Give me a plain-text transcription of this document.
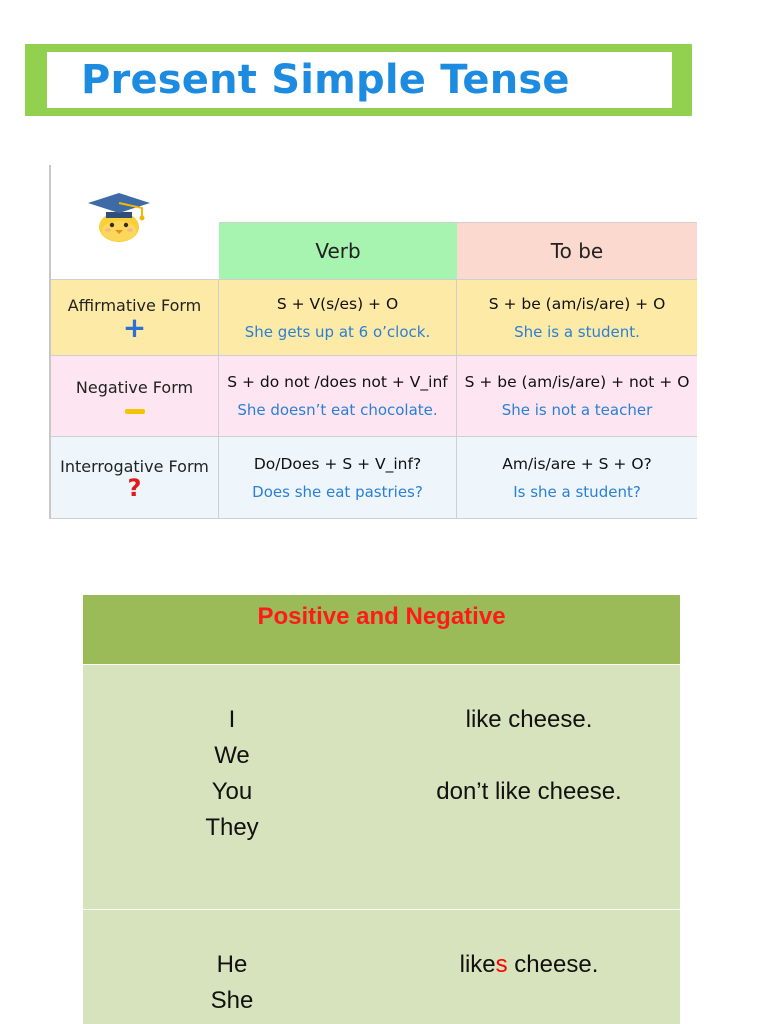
Present Simple Tense
Verb	To be
Affirmative Form
+
S + V(s/es) + O
She gets up at 6 o’clock.
S + be (am/is/are) + O
She is a student.
Negative Form S + do not /does not + V_inf
She doesn’t eat chocolate.
S + be (am/is/are) + not + O
She is not a teacher
Interrogative Form
?
Do/Does + S + V_inf?
Does she eat pastries?
Am/is/are + S + O?
Is she a student?
Positive and Negative
I
We
You
They
like cheese.
don’t like cheese.
He
She
likes cheese.
